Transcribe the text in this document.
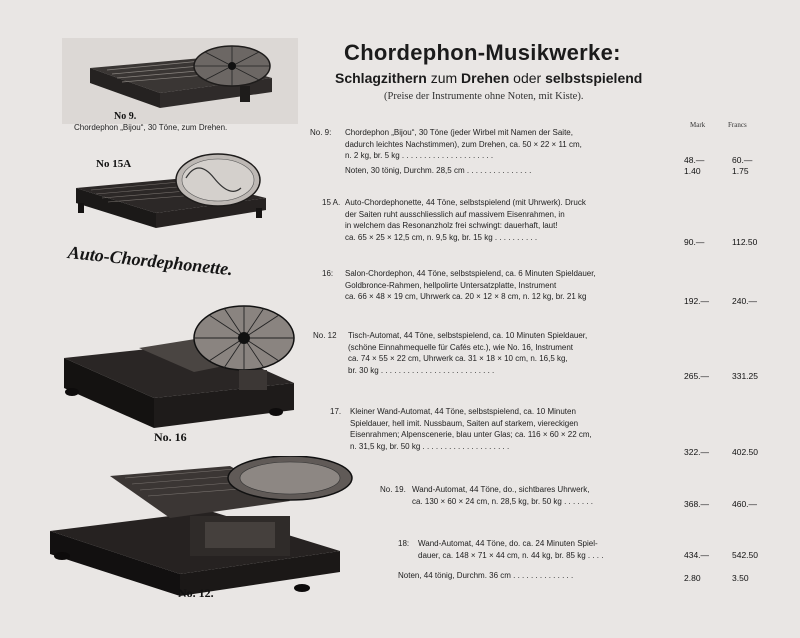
Chordephon-Musikwerke:
Schlagzithern zum Drehen oder selbstspielend
(Preise der Instrumente ohne Noten, mit Kiste).
Mark	Francs
No 9.
Chordephon „Bijou“, 30 Töne, zum Drehen.
No 15A
Auto-Chordephonette.
No. 16
No. 12.
No. 9: Chordephon „Bijou“, 30 Töne (jeder Wirbel mit Namen der Saite,
dadurch leichtes Nachstimmen), zum Drehen, ca. 50 × 22 × 11 cm,
n. 2 kg, br. 5 kg . . . . . . . . . . . . . . . . . . . . .	48.—	60.—
Noten, 30 tönig, Durchm. 28,5 cm . . . . . . . . . . . . . . .	1.40	1.75
15 A. Auto-Chordephonette, 44 Töne, selbstspielend (mit Uhrwerk). Druck
der Saiten ruht ausschliesslich auf massivem Eisenrahmen, in
in welchem das Resonanzholz frei schwingt: dauerhaft, laut!
ca. 65 × 25 × 12,5 cm, n. 9,5 kg, br. 15 kg . . . . . . . . . .	90.—	112.50
16: Salon-Chordephon, 44 Töne, selbstspielend, ca. 6 Minuten Spieldauer,
Goldbronce-Rahmen, hellpolirte Untersatzplatte, Instrument
ca. 66 × 48 × 19 cm, Uhrwerk ca. 20 × 12 × 8 cm, n. 12 kg, br. 21 kg	192.—	240.—
No. 12 Tisch-Automat, 44 Töne, selbstspielend, ca. 10 Minuten Spieldauer,
(schöne Einnahmequelle für Cafés etc.), wie No. 16, Instrument
ca. 74 × 55 × 22 cm, Uhrwerk ca. 31 × 18 × 10 cm, n. 16,5 kg,
br. 30 kg . . . . . . . . . . . . . . . . . . . . . . . . . .
265.—	331.25
17. Kleiner Wand-Automat, 44 Töne, selbstspielend, ca. 10 Minuten
Spieldauer, hell imit. Nussbaum, Saiten auf starkem, viereckigen
Eisenrahmen; Alpenscenerie, blau unter Glas; ca. 116 × 60 × 22 cm,
n. 31,5 kg, br. 50 kg . . . . . . . . . . . . . . . . . . . .
322.—	402.50
No. 19. Wand-Automat, 44 Töne, do., sichtbares Uhrwerk,
ca. 130 × 60 × 24 cm, n. 28,5 kg, br. 50 kg . . . . . . .	368.—	460.—
18: Wand-Automat, 44 Töne, do. ca. 24 Minuten Spiel-
dauer, ca. 148 × 71 × 44 cm, n. 44 kg, br. 85 kg . . . .	434.—	542.50
Noten, 44 tönig, Durchm. 36 cm . . . . . . . . . . . . . .	2.80	3.50
